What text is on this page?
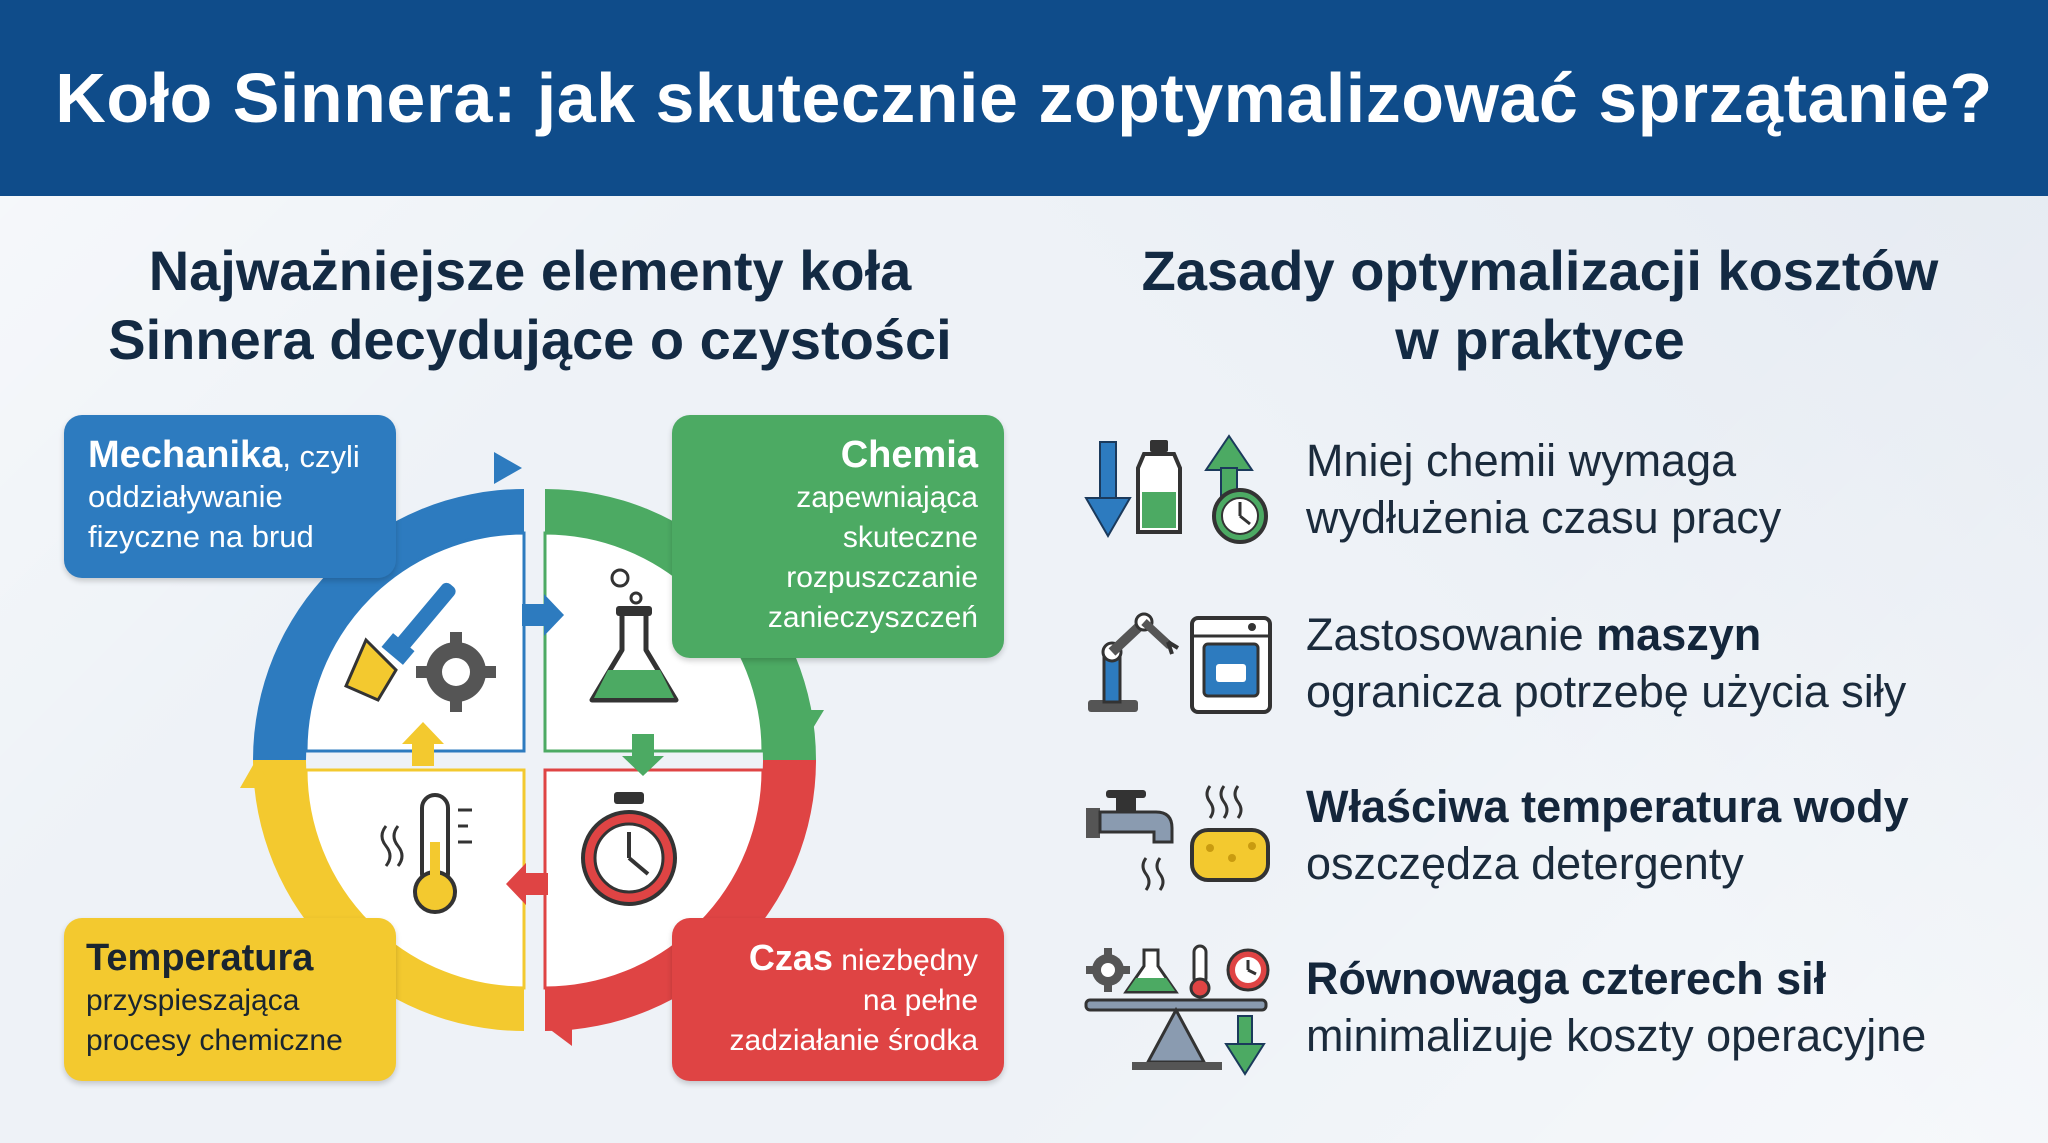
Koło Sinnera: jak skutecznie zoptymalizować sprzątanie?
Najważniejsze elementy koła
Sinnera decydujące o czystości
Zasady optymalizacji kosztów
w praktyce
Mechanika, czyli
oddziaływanie
fizyczne na brud
Chemia
zapewniająca
skuteczne
rozpuszczanie
zanieczyszczeń
Temperatura
przyspieszająca
procesy chemiczne
Czas niezbędny
na pełne
zadziałanie środka
Mniej chemii wymaga
wydłużenia czasu pracy
Zastosowanie maszyn
ogranicza potrzebę użycia siły
Właściwa temperatura wody
oszczędza detergenty
Równowaga czterech sił
minimalizuje koszty operacyjne
